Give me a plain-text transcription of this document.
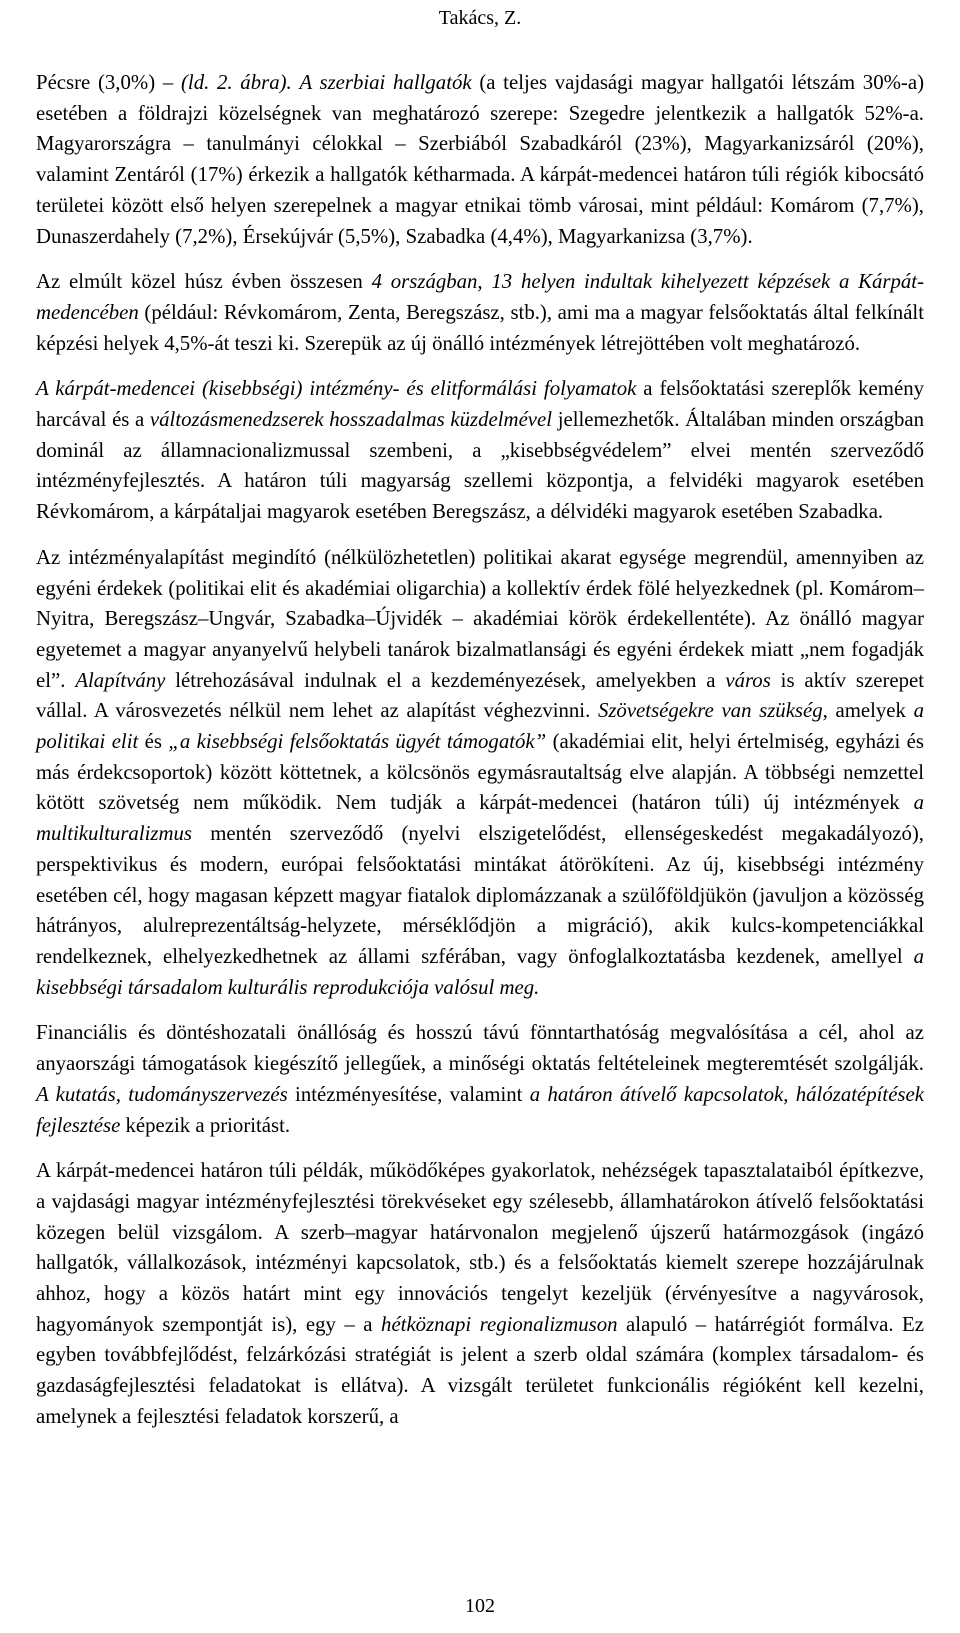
Takács, Z.

Pécsre (3,0%) – (ld. 2. ábra). A szerbiai hallgatók (a teljes vajdasági magyar hallgatói létszám 30%-a) esetében a földrajzi közelségnek van meghatározó szerepe: Szegedre jelentkezik a hallgatók 52%-a. Magyarországra – tanulmányi célokkal – Szerbiából Szabadkáról (23%), Magyarkanizsáról (20%), valamint Zentáról (17%) érkezik a hallgatók kétharmada. A kárpát-medencei határon túli régiók kibocsátó területei között első helyen szerepelnek a magyar etnikai tömb városai, mint például: Komárom (7,7%), Dunaszerdahely (7,2%), Érsekújvár (5,5%), Szabadka (4,4%), Magyarkanizsa (3,7%).

Az elmúlt közel húsz évben összesen 4 országban, 13 helyen indultak kihelyezett képzések a Kárpát-medencében (például: Révkomárom, Zenta, Beregszász, stb.), ami ma a magyar felsőoktatás által felkínált képzési helyek 4,5%-át teszi ki. Szerepük az új önálló intézmények létrejöttében volt meghatározó.

A kárpát-medencei (kisebbségi) intézmény- és elitformálási folyamatok a felsőoktatási szereplők kemény harcával és a változásmenedzserek hosszadalmas küzdelmével jellemezhetők. Általában minden országban dominál az államnacionalizmussal szembeni, a „kisebbségvédelem” elvei mentén szerveződő intézményfejlesztés. A határon túli magyarság szellemi központja, a felvidéki magyarok esetében Révkomárom, a kárpátaljai magyarok esetében Beregszász, a délvidéki magyarok esetében Szabadka.

Az intézményalapítást megindító (nélkülözhetetlen) politikai akarat egysége megrendül, amennyiben az egyéni érdekek (politikai elit és akadémiai oligarchia) a kollektív érdek fölé helyezkednek (pl. Komárom–Nyitra, Beregszász–Ungvár, Szabadka–Újvidék – akadémiai körök érdekellentéte). Az önálló magyar egyetemet a magyar anyanyelvű helybeli tanárok bizalmatlansági és egyéni érdekek miatt „nem fogadják el”. Alapítvány létrehozásával indulnak el a kezdeményezések, amelyekben a város is aktív szerepet vállal. A városvezetés nélkül nem lehet az alapítást véghezvinni. Szövetségekre van szükség, amelyek a politikai elit és „a kisebbségi felsőoktatás ügyét támogatók” (akadémiai elit, helyi értelmiség, egyházi és más érdekcsoportok) között köttetnek, a kölcsönös egymásrautaltság elve alapján. A többségi nemzettel kötött szövetség nem működik. Nem tudják a kárpát-medencei (határon túli) új intézmények a multikulturalizmus mentén szerveződő (nyelvi elszigetelődést, ellenségeskedést megakadályozó), perspektivikus és modern, európai felsőoktatási mintákat átörökíteni. Az új, kisebbségi intézmény esetében cél, hogy magasan képzett magyar fiatalok diplomázzanak a szülőföldjükön (javuljon a közösség hátrányos, alulreprezentáltság-helyzete, mérséklődjön a migráció), akik kulcs-kompetenciákkal rendelkeznek, elhelyezkedhetnek az állami szférában, vagy önfoglalkoztatásba kezdenek, amellyel a kisebbségi társadalom kulturális reprodukciója valósul meg.

Financiális és döntéshozatali önállóság és hosszú távú fönntarthatóság megvalósítása a cél, ahol az anyaországi támogatások kiegészítő jellegűek, a minőségi oktatás feltételeinek megteremtését szolgálják. A kutatás, tudományszervezés intézményesítése, valamint a határon átívelő kapcsolatok, hálózatépítések fejlesztése képezik a prioritást.

A kárpát-medencei határon túli példák, működőképes gyakorlatok, nehézségek tapasztalataiból építkezve, a vajdasági magyar intézményfejlesztési törekvéseket egy szélesebb, államhatárokon átívelő felsőoktatási közegen belül vizsgálom. A szerb–magyar határvonalon megjelenő újszerű határmozgások (ingázó hallgatók, vállalkozások, intézményi kapcsolatok, stb.) és a felsőoktatás kiemelt szerepe hozzájárulnak ahhoz, hogy a közös határt mint egy innovációs tengelyt kezeljük (érvényesítve a nagyvárosok, hagyományok szempontját is), egy – a hétköznapi regionalizmuson alapuló – határrégiót formálva. Ez egyben továbbfejlődést, felzárkózási stratégiát is jelent a szerb oldal számára (komplex társadalom- és gazdaságfejlesztési feladatokat is ellátva). A vizsgált területet funkcionális régióként kell kezelni, amelynek a fejlesztési feladatok korszerű, a

102
